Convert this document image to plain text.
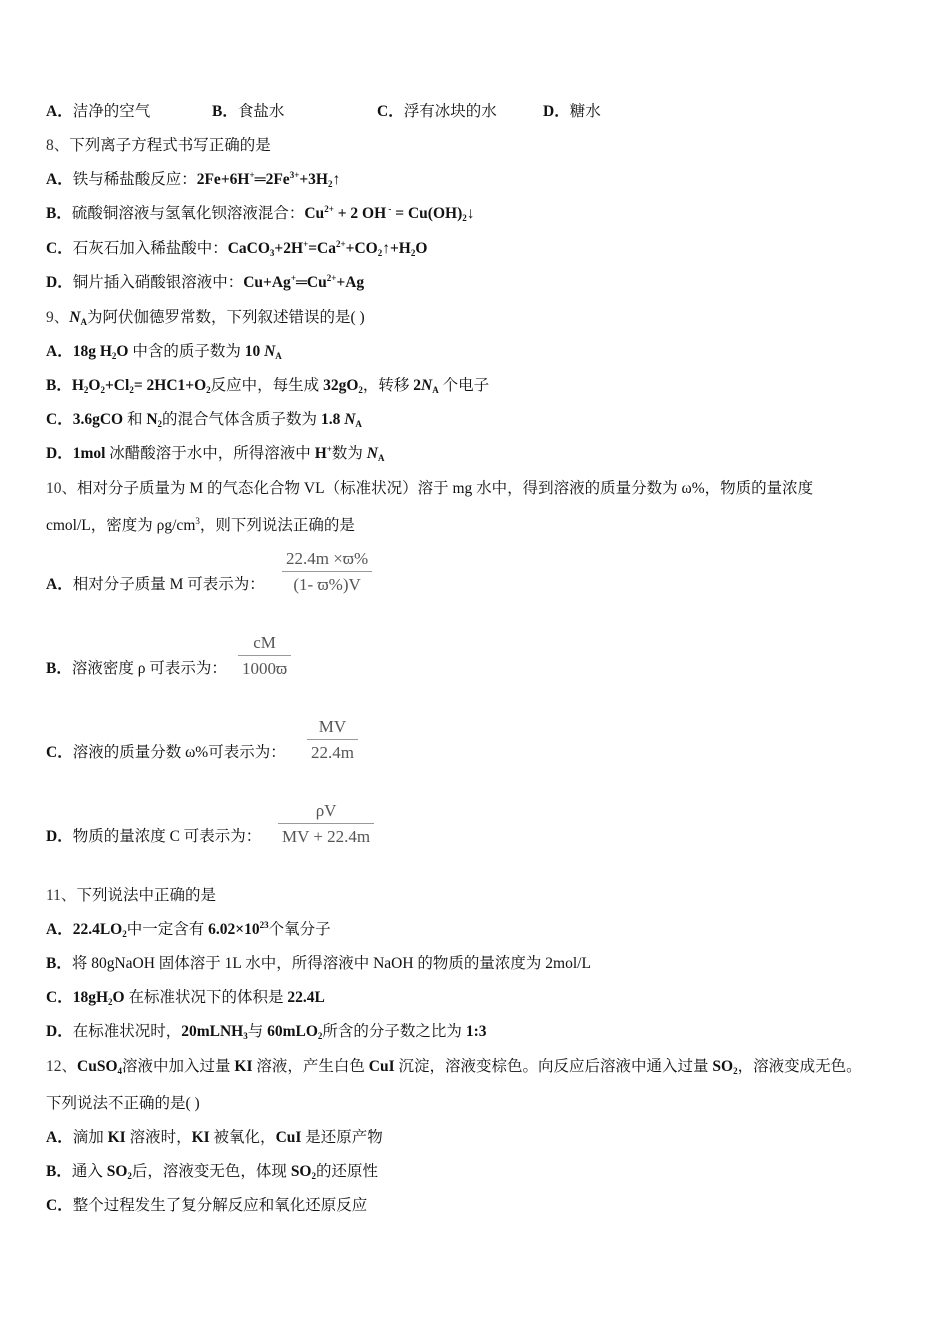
A．洁净的空气	B．食盐水	C．浮有冰块的水	D．糖水
8、下列离子方程式书写正确的是
A．铁与稀盐酸反应：$2Fe+6H^+═2Fe^{3+}+3H_2↑$
B．硫酸铜溶液与氢氧化钡溶液混合：$Cu^{2+} + 2$ OH $^- = Cu(OH)_2↓$
C．石灰石加入稀盐酸中：$CaCO_3+2H^+=Ca^{2+}+CO_2↑+H_2O$
D．铜片插入硝酸银溶液中：$Cu+Ag^+═Cu^{2+}+Ag$
9、$N_A$为阿伏伽德罗常数，下列叙述错误的是( )
A．18g $H_2O$ 中含的质子数为 10 $N_A$
B．$H_2O_2+Cl_2= 2HC1+O_2$反应中，每生成 $32gO_2$，转移 $2N_A$ 个电子
C．3.6gCO 和 $N_2$的混合气体含质子数为 1.8 $N_A$
D．1mol 冰醋酸溶于水中，所得溶液中 H+数为 $N_A$
10、相对分子质量为 M 的气态化合物 VL（标准状况）溶于 mg 水中，得到溶液的质量分数为 ω%，物质的量浓度
cmol/L，密度为 $\rho g/cm^3$，则下列说法正确的是
A．相对分子质量 M 可表示为：
22.4m ×ϖ%
(1- ϖ%)V
B．溶液密度 ρ 可表示为：
cM
1000ϖ
C．溶液的质量分数 ω%可表示为：
MV
22.4m
D．物质的量浓度 C 可表示为：
ρV
MV + 22.4m
11、下列说法中正确的是
A．$22.4LO_2$中一定含有 $6.02\times 10^{23}$个氧分子
B．将 80gNaOH 固体溶于 1L 水中，所得溶液中 NaOH 的物质的量浓度为 2mol/L
C．$18gH_2O$ 在标准状况下的体积是 22.4L
D．在标准状况时，20mLNH$_3$与 60mLO$_2$所含的分子数之比为 1:3
12、CuSO$_4$溶液中加入过量 KI 溶液，产生白色 CuI 沉淀，溶液变棕色。向反应后溶液中通入过量 $SO_2$，溶液变成无色。
下列说法不正确的是( )
A．滴加 KI 溶液时，KI 被氧化，CuI 是还原产物
B．通入 $SO_2$后，溶液变无色，体现 $SO_2$的还原性
C．整个过程发生了复分解反应和氧化还原反应
